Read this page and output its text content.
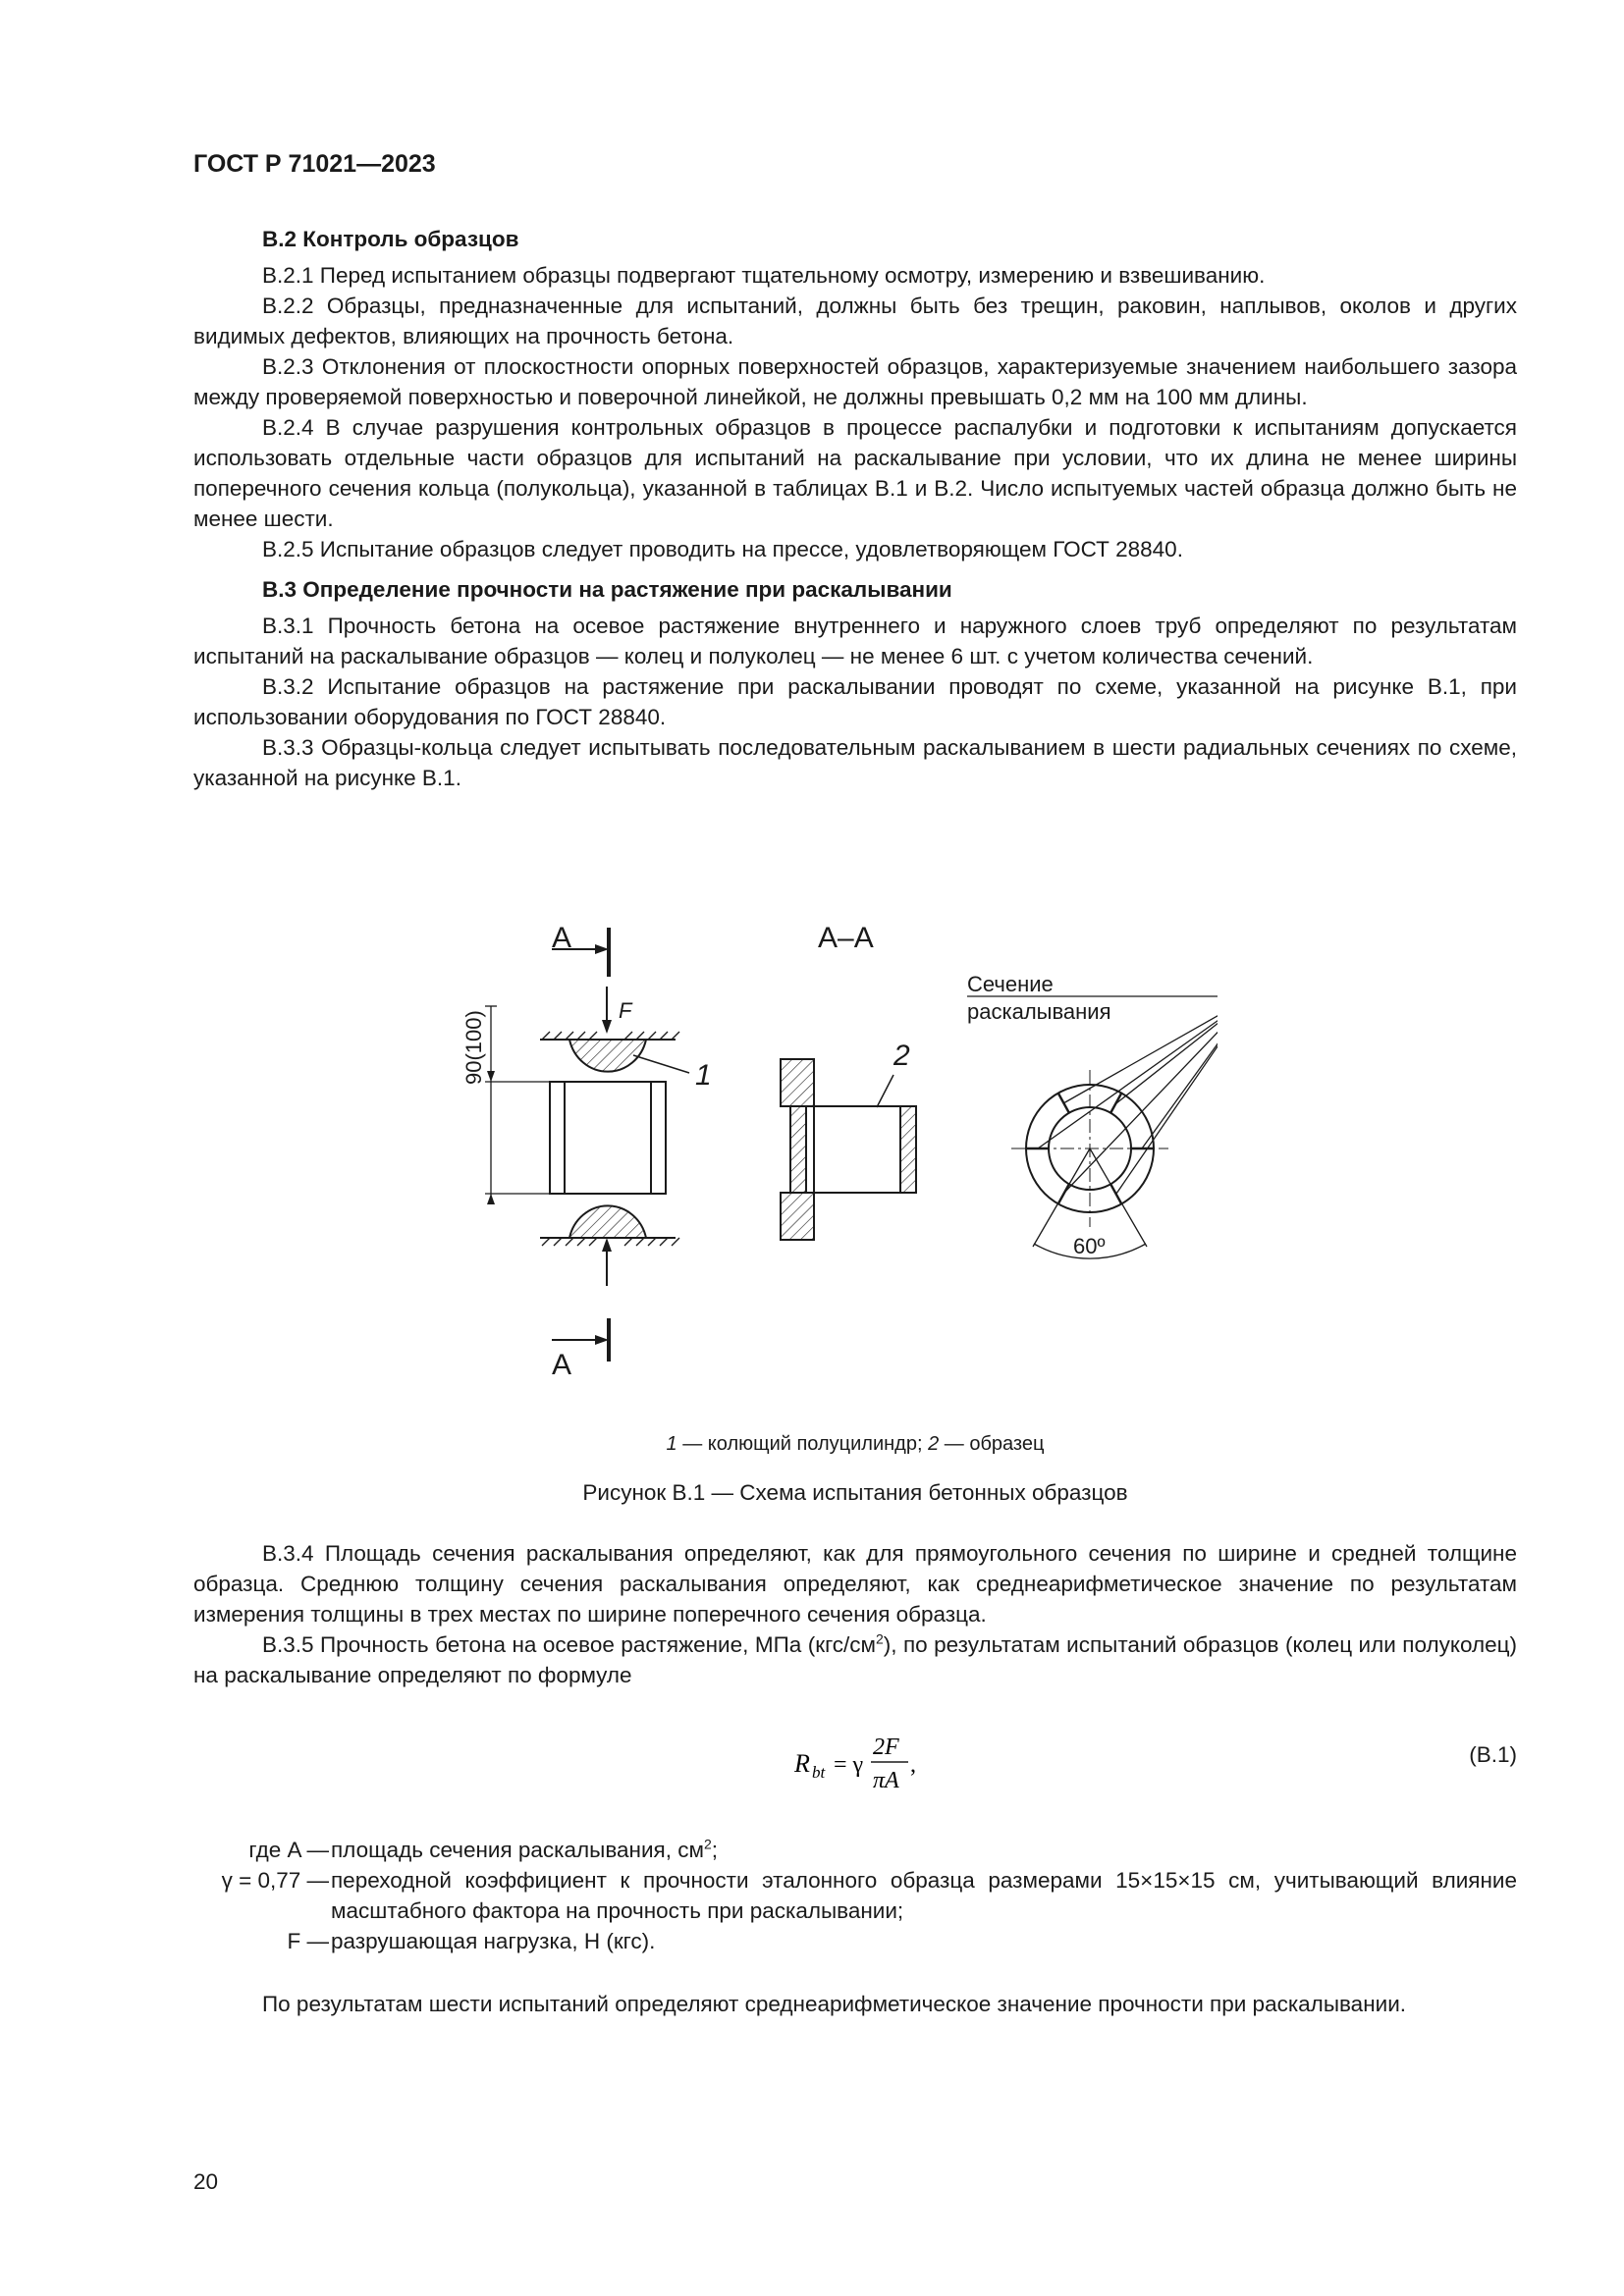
ГОСТ Р 71021—2023
В.2 Контроль образцов

В.2.1 Перед испытанием образцы подвергают тщательному осмотру, измерению и взвешиванию.

В.2.2 Образцы, предназначенные для испытаний, должны быть без трещин, раковин, наплывов, околов и других видимых дефектов, влияющих на прочность бетона.

В.2.3 Отклонения от плоскостности опорных поверхностей образцов, характеризуемые значением наибольшего зазора между проверяемой поверхностью и поверочной линейкой, не должны превышать 0,2 мм на 100 мм длины.

В.2.4 В случае разрушения контрольных образцов в процессе распалубки и подготовки к испытаниям допускается использовать отдельные части образцов для испытаний на раскалывание при условии, что их длина не менее ширины поперечного сечения кольца (полукольца), указанной в таблицах В.1 и В.2. Число испытуемых частей образца должно быть не менее шести.

В.2.5 Испытание образцов следует проводить на прессе, удовлетворяющем ГОСТ 28840.

В.3 Определение прочности на растяжение при раскалывании

В.3.1 Прочность бетона на осевое растяжение внутреннего и наружного слоев труб определяют по результатам испытаний на раскалывание образцов — колец и полуколец — не менее 6 шт. с учетом количества сечений.

В.3.2 Испытание образцов на растяжение при раскалывании проводят по схеме, указанной на рисунке В.1, при использовании оборудования по ГОСТ 28840.

В.3.3 Образцы-кольца следует испытывать последовательным раскалыванием в шести радиальных сечениях по схеме, указанной на рисунке В.1.

А
А
F
90(100)	1
А–А
2
Сечение
раскалывания
60º
1 — колющий полуцилиндр; 2 — образец
Рисунок В.1 — Схема испытания бетонных образцов

В.3.4 Площадь сечения раскалывания определяют, как для прямоугольного сечения по ширине и средней толщине образца. Среднюю толщину сечения раскалывания определяют, как среднеарифметическое значение по результатам измерения толщины в трех местах по ширине поперечного сечения образца.

В.3.5 Прочность бетона на осевое растяжение, МПа $(кгс/см^2)$, по результатам испытаний образцов (колец или полуколец) на раскалывание определяют по формуле

R bt = γ
2F
πA
,	(В.1)
где A — площадь сечения раскалывания, $см^2$;
γ = 0,77 — переходной коэффициент к прочности эталонного образца размерами 15×15×15 см, учитывающий влияние масштабного фактора на прочность при раскалывании;
F — разрушающая нагрузка, Н (кгс).

По результатам шести испытаний определяют среднеарифметическое значение прочности при раскалывании.

20
